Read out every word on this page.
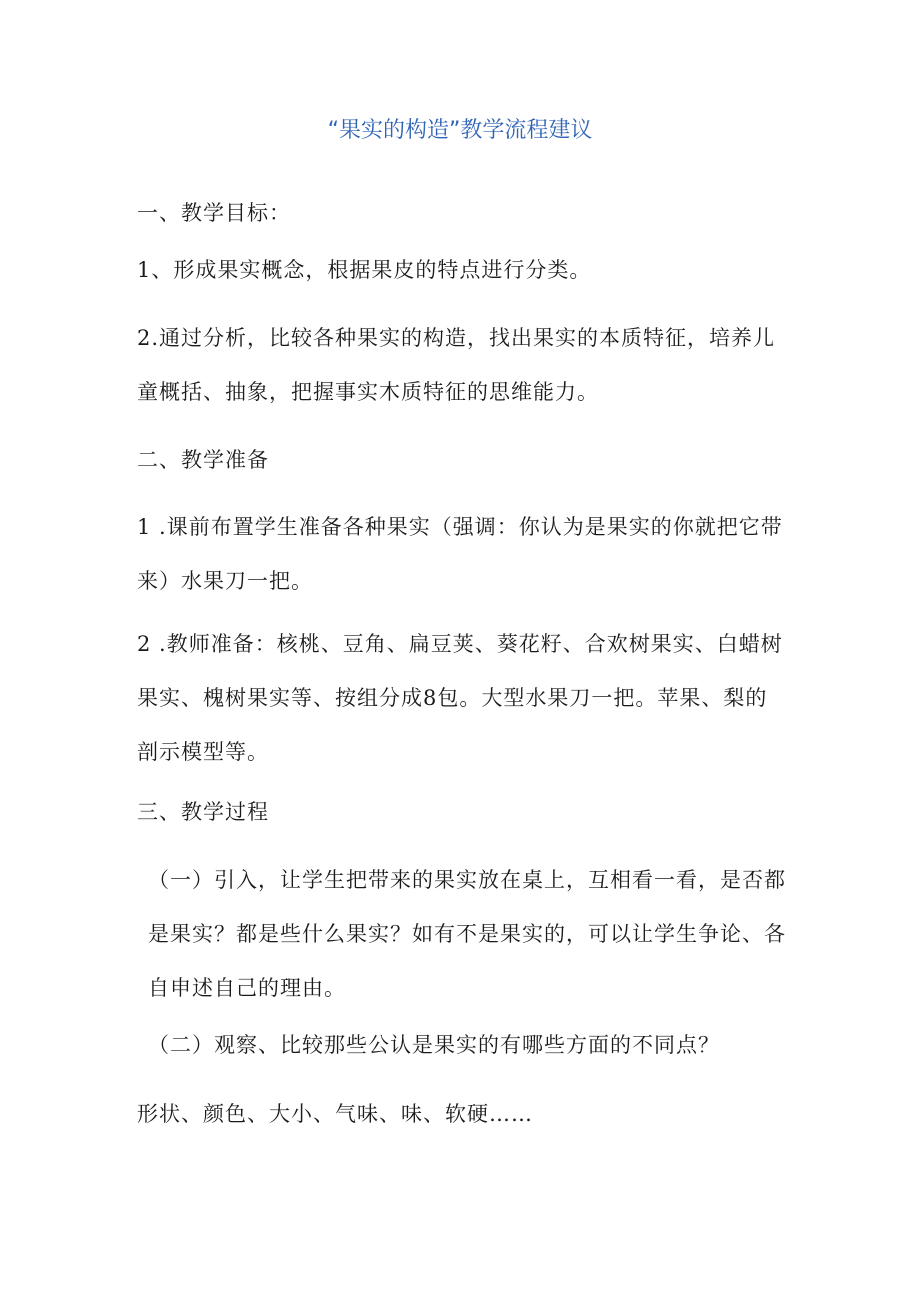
“果实的构造”教学流程建议

一、教学目标：

1、形成果实概念，根据果皮的特点进行分类。

2.通过分析，比较各种果实的构造，找出果实的本质特征，培养儿童概括、抽象，把握事实木质特征的思维能力。

二、教学准备

1 .课前布置学生准备各种果实（强调：你认为是果实的你就把它带来）水果刀一把。

2 .教师准备：核桃、豆角、扁豆荚、葵花籽、合欢树果实、白蜡树果实、槐树果实等、按组分成8包。大型水果刀一把。苹果、梨的剖示模型等。

三、教学过程

（一）引入，让学生把带来的果实放在桌上，互相看一看，是否都是果实？都是些什么果实？如有不是果实的，可以让学生争论、各自申述自己的理由。

（二）观察、比较那些公认是果实的有哪些方面的不同点？

形状、颜色、大小、气味、味、软硬……
